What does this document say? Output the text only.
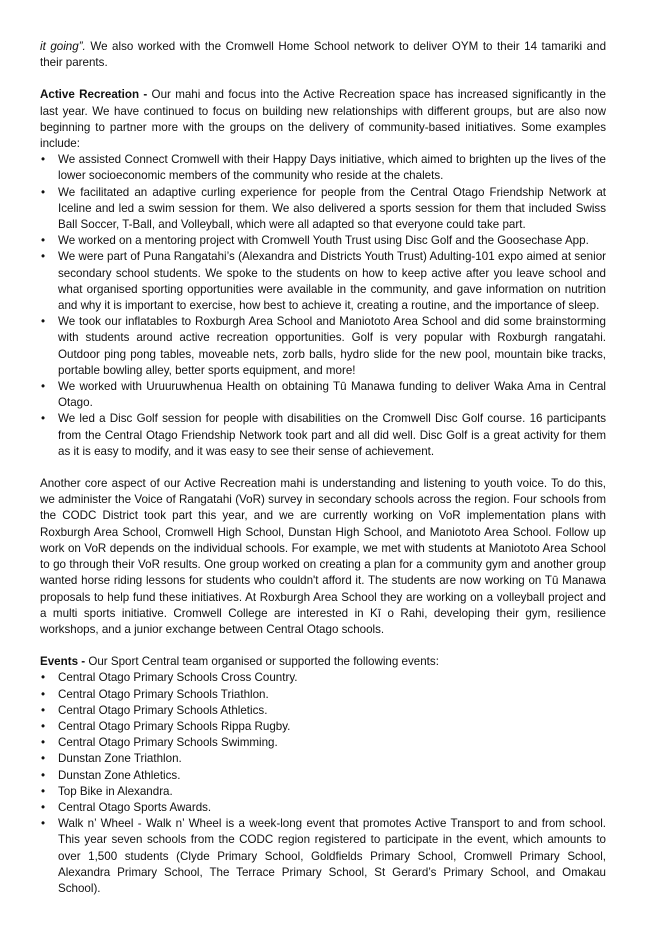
it going”. We also worked with the Cromwell Home School network to deliver OYM to their 14 tamariki and their parents.

Active Recreation - Our mahi and focus into the Active Recreation space has increased significantly in the last year. We have continued to focus on building new relationships with different groups, but are also now beginning to partner more with the groups on the delivery of community-based initiatives. Some examples include:

• We assisted Connect Cromwell with their Happy Days initiative, which aimed to brighten up the lives of the lower socioeconomic members of the community who reside at the chalets.
• We facilitated an adaptive curling experience for people from the Central Otago Friendship Network at Iceline and led a swim session for them. We also delivered a sports session for them that included Swiss Ball Soccer, T-Ball, and Volleyball, which were all adapted so that everyone could take part.
• We worked on a mentoring project with Cromwell Youth Trust using Disc Golf and the Goosechase App.
• We were part of Puna Rangatahi’s (Alexandra and Districts Youth Trust) Adulting-101 expo aimed at senior secondary school students. We spoke to the students on how to keep active after you leave school and what organised sporting opportunities were available in the community, and gave information on nutrition and why it is important to exercise, how best to achieve it, creating a routine, and the importance of sleep.
• We took our inflatables to Roxburgh Area School and Maniototo Area School and did some brainstorming with students around active recreation opportunities. Golf is very popular with Roxburgh rangatahi. Outdoor ping pong tables, moveable nets, zorb balls, hydro slide for the new pool, mountain bike tracks, portable bowling alley, better sports equipment, and more!
• We worked with Uruuruwhenua Health on obtaining Tū Manawa funding to deliver Waka Ama in Central Otago.
• We led a Disc Golf session for people with disabilities on the Cromwell Disc Golf course. 16 participants from the Central Otago Friendship Network took part and all did well. Disc Golf is a great activity for them as it is easy to modify, and it was easy to see their sense of achievement.

Another core aspect of our Active Recreation mahi is understanding and listening to youth voice. To do this, we administer the Voice of Rangatahi (VoR) survey in secondary schools across the region. Four schools from the CODC District took part this year, and we are currently working on VoR implementation plans with Roxburgh Area School, Cromwell High School, Dunstan High School, and Maniototo Area School. Follow up work on VoR depends on the individual schools. For example, we met with students at Maniototo Area School to go through their VoR results. One group worked on creating a plan for a community gym and another group wanted horse riding lessons for students who couldn't afford it. The students are now working on Tū Manawa proposals to help fund these initiatives. At Roxburgh Area School they are working on a volleyball project and a multi sports initiative. Cromwell College are interested in Kī o Rahi, developing their gym, resilience workshops, and a junior exchange between Central Otago schools.

Events - Our Sport Central team organised or supported the following events:

• Central Otago Primary Schools Cross Country.
• Central Otago Primary Schools Triathlon.
• Central Otago Primary Schools Athletics.
• Central Otago Primary Schools Rippa Rugby.
• Central Otago Primary Schools Swimming.
• Dunstan Zone Triathlon.
• Dunstan Zone Athletics.
• Top Bike in Alexandra.
• Central Otago Sports Awards.
• Walk n’ Wheel - Walk n’ Wheel is a week-long event that promotes Active Transport to and from school. This year seven schools from the CODC region registered to participate in the event, which amounts to over 1,500 students (Clyde Primary School, Goldfields Primary School, Cromwell Primary School, Alexandra Primary School, The Terrace Primary School, St Gerard’s Primary School, and Omakau School).
